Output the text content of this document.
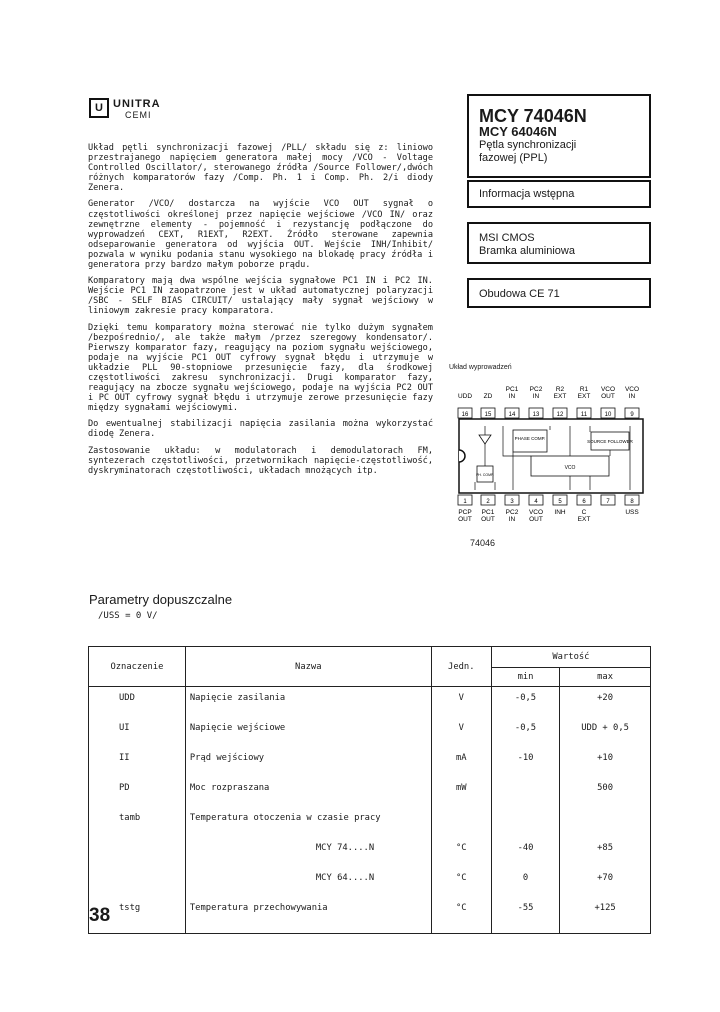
U UNITRA
CEMI	MCY 74046N
MCY 64046N
Pętla synchronizacji
fazowej (PPL)
Informacja wstępna
MSI CMOS
Bramka aluminiowa
Obudowa CE 71

Układ pętli synchronizacji fazowej /PLL/ składu się z: liniowo przestrajanego napięciem generatora małej mocy /VCO - Voltage Controlled Oscillator/, sterowanego źródła /Source Follower/,dwóch różnych komparatorów fazy /Comp. Ph. 1 i Comp. Ph. 2/i diody Zenera.

Generator /VCO/ dostarcza na wyjście VCO OUT sygnał o częstotliwości określonej przez napięcie wejściowe /VCO IN/ oraz zewnętrzne elementy - pojemność i rezystancję podłączone do wyprowadzeń CEXT, R1EXT, R2EXT. Źródło sterowane zapewnia odseparowanie generatora od wyjścia OUT. Wejście INH/Inhibit/ pozwala w wyniku podania stanu wysokiego na blokadę pracy źródła i generatora przy bardzo małym poborze prądu.

Komparatory mają dwa wspólne wejścia sygnałowe PC1 IN i PC2 IN. Wejście PC1 IN zaopatrzone jest w układ automatycznej polaryzacji /SBC - SELF BIAS CIRCUIT/ ustalający mały sygnał wejściowy w liniowym zakresie pracy komparatora.

Dzięki temu komparatory można sterować nie tylko dużym sygnałem /bezpośrednio/, ale także małym /przez szeregowy kondensator/. Pierwszy komparator fazy, reagujący na poziom sygnału wejściowego, podaje na wyjście PC1 OUT cyfrowy sygnał błędu i utrzymuje w układzie PLL 90-stopniowe przesunięcie fazy, dla środkowej częstotliwości zakresu synchronizacji. Drugi komparator fazy, reagujący na zbocze sygnału wejściowego, podaje na wyjścia PC2 OUT i PC OUT cyfrowy sygnał błędu i utrzymuje zerowe przesunięcie fazy między sygnałami wejściowymi.

Do ewentualnej stabilizacji napięcia zasilania można wykorzystać diodę Zenera.

Zastosowanie układu: w modulatorach i demodulatorach FM, syntezerach częstotliwości, przetwornikach napięcie-częstotliwość, dyskryminatorach częstotliwości, układach mnożących itp.

Układ wyprowadzeń
UDD ZD
PC1
IN
PC2
IN
R2
EXT
R1
EXT
VCO
OUT
VCO
IN
16	15	14	13	12	11	10	9
PHASE COMP.
SOURCE FOLLOWER
VCO
PH. COMP.
1	2	3	4	5	6	7	8
PCP
OUT
PC1
OUT
PC2
IN
VCO
OUT
INH C
EXT
USS
74046
Parametry dopuszczalne
/USS = 0 V/
Oznaczenie	Nazwa	Jedn.	Wartość	
			min	max
UDD	Napięcie zasilania	V	-0,5	+20
UI	Napięcie wejściowe	V	-0,5	UDD + 0,5
II	Prąd wejściowy	mA	-10	+10
PD	Moc rozpraszana	mW		500
tamb	Temperatura otoczenia w czasie pracy			
	MCY 74....N	°C	-40	+85
	MCY 64....N	°C	0	+70
tstg	Temperatura przechowywania	°C	-55	+125
38
